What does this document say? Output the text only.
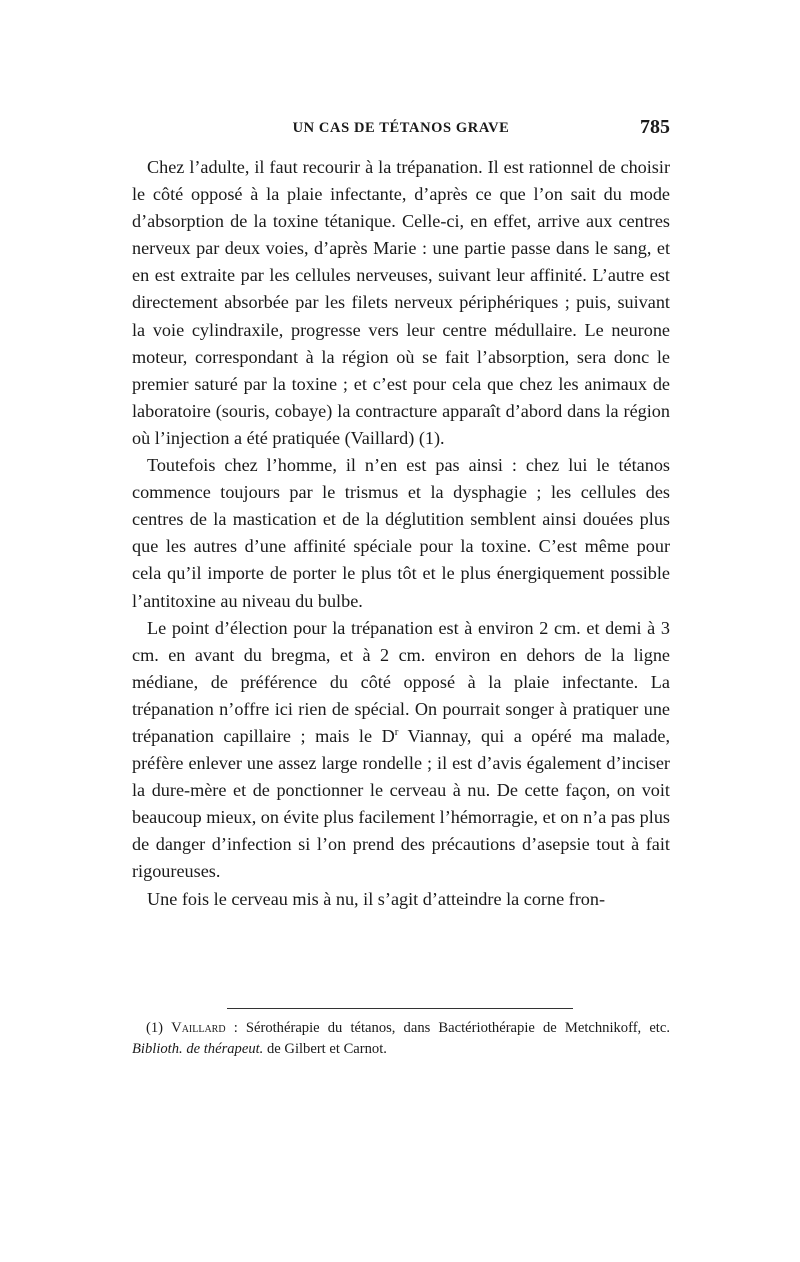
UN CAS DE TÉTANOS GRAVE	785

Chez l’adulte, il faut recourir à la trépanation. Il est rationnel de choisir le côté opposé à la plaie infectante, d’après ce que l’on sait du mode d’absorption de la toxine tétanique. Celle-ci, en effet, arrive aux centres nerveux par deux voies, d’après Marie : une partie passe dans le sang, et en est extraite par les cellules nerveuses, suivant leur affinité. L’autre est directement absorbée par les filets nerveux périphériques ; puis, suivant la voie cylindraxile, progresse vers leur centre médullaire. Le neurone moteur, correspondant à la région où se fait l’absorption, sera donc le premier saturé par la toxine ; et c’est pour cela que chez les animaux de laboratoire (souris, cobaye) la contracture apparaît d’abord dans la région où l’injection a été pratiquée (Vaillard) (1).

Toutefois chez l’homme, il n’en est pas ainsi : chez lui le tétanos commence toujours par le trismus et la dysphagie ; les cellules des centres de la mastication et de la déglutition semblent ainsi douées plus que les autres d’une affinité spéciale pour la toxine. C’est même pour cela qu’il importe de porter le plus tôt et le plus énergiquement possible l’antitoxine au niveau du bulbe.

Le point d’élection pour la trépanation est à environ 2 cm. et demi à 3 cm. en avant du bregma, et à 2 cm. environ en dehors de la ligne médiane, de préférence du côté opposé à la plaie infectante. La trépanation n’offre ici rien de spécial. On pourrait songer à pratiquer une trépanation capillaire ; mais le $D^r$ Viannay, qui a opéré ma malade, préfère enlever une assez large rondelle ; il est d’avis également d’inciser la dure-mère et de ponctionner le cerveau à nu. De cette façon, on voit beaucoup mieux, on évite plus facilement l’hémorragie, et on n’a pas plus de danger d’infection si l’on prend des précautions d’asepsie tout à fait rigoureuses.

Une fois le cerveau mis à nu, il s’agit d’atteindre la corne fron-

(1) Vaillard : Sérothérapie du tétanos, dans Bactériothérapie de Metchnikoff, etc. Biblioth. de thérapeut. de Gilbert et Carnot.
